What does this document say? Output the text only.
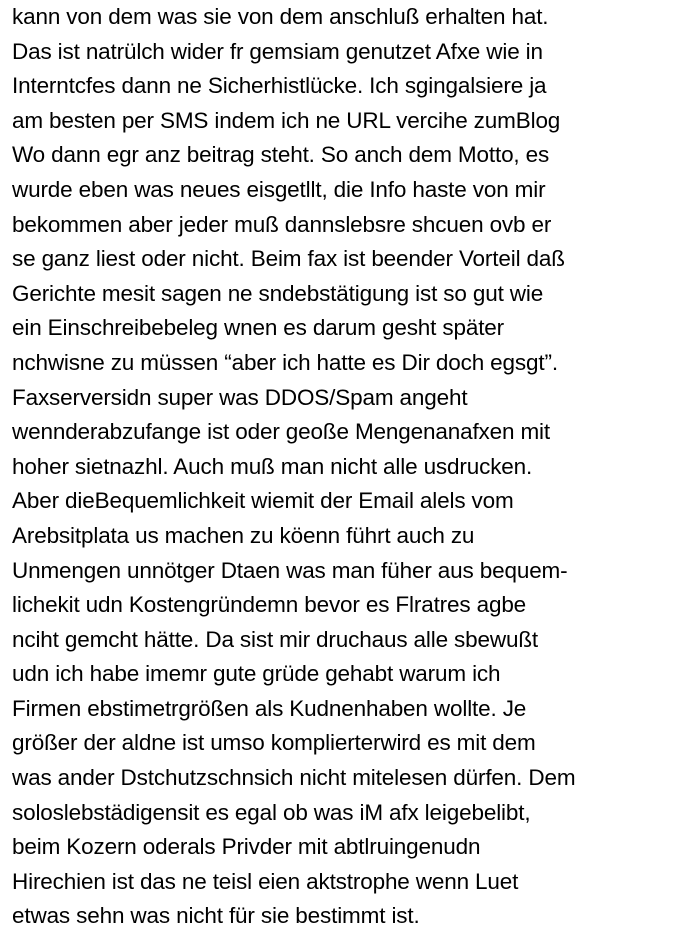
kann von dem was sie von dem anschluß erhalten hat.
Das ist natrülch wider fr gemsiam genutzet Afxe wie in
Interntcfes dann ne Sicherhistlücke. Ich sgingalsiere ja
am besten per SMS indem ich ne URL vercihe zumBlog
Wo dann egr anz beitrag steht. So anch dem Motto, es
wurde eben was neues eisgetllt, die Info haste von mir
bekommen aber jeder muß dannslebsre shcuen ovb er
se ganz liest oder nicht. Beim fax ist beender Vorteil daß
Gerichte mesit sagen ne sndebstätigung ist so gut wie
ein Einschreibebeleg wnen es darum gesht später
nchwisne zu müssen “aber ich hatte es Dir doch egsgt”.
Faxserversidn super was DDOS/Spam angeht
wennderabzufange ist oder geoße Mengenanafxen mit
hoher sietnazhl. Auch muß man nicht alle usdrucken.
Aber dieBequemlichkeit wiemit der Email alels vom
Arebsitplata us machen zu köenn führt auch zu
Unmengen unnötger Dtaen was man füher aus bequem-
lichekit udn Kostengründemn bevor es Flratres agbe
nciht gemcht hätte. Da sist mir druchaus alle sbewußt
udn ich habe imemr gute grüde gehabt warum ich
Firmen ebstimetrgrößen als Kudnenhaben wollte. Je
größer der aldne ist umso komplierterwird es mit dem
was ander Dstchutzschnsich nicht mitelesen dürfen. Dem
soloslebstädigensit es egal ob was iM afx leigebelibt,
beim Kozern oderals Privder mit abtlruingenudn
Hirechien ist das ne teisl eien aktstrophe wenn Luet
etwas sehn was nicht für sie bestimmt ist.
